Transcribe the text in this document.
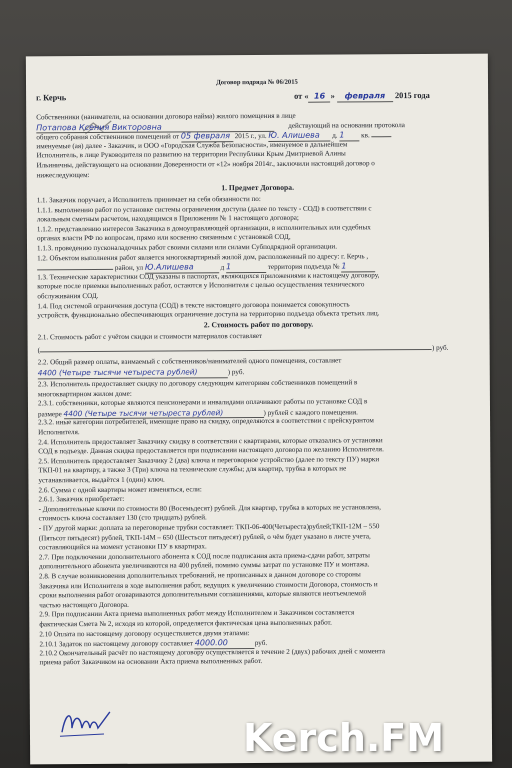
Договор подряда № 06/2015
г. Керчь	от « 16 » февраля 2015 года
Собственники (наниматели, на основании договора найма) жилого помещения в лице
Потапова Ксения Викторовна	действующий на основании протокола
общего собрания собственников помещений от 05 февраля 2015 г., ул. Ю. Алишева д. 1 кв.
именуемые (ая) далее - Заказчик, и ООО «Городская Служба Безопасности», именуемое в дальнейшем
Исполнитель, в лице Руководителя по развитию на территории Республики Крым Дмитриевой Алины
Ильиничны, действующего на основании Доверенности от «12» ноября 2014г., заключили настоящий договор о
нижеследующем:
1. Предмет Договора.
1.1. Заказчик поручает, а Исполнитель принимает на себя обязанности по:
1.1.1. выполнению работ по установке системы ограничения доступа (далее по тексту - СОД) в соответствии с
локальным сметным расчетом, находящимся в Приложении № 1 настоящего договора;
1.1.2. представлению интересов Заказчика в домоуправляющей организации, в исполнительных или судебных
органах власти РФ по вопросам, прямо или косвенно связанным с установкой СОД,
1.1.3. проведению пусконаладочных работ своими силами или силами Субподрядной организации.
1.2. Объектом выполнения работ является многоквартирный жилой дом, расположенный по адресу: г. Керчь ,
район, ул Ю.Алишева	д 1	территория подъезда № 1
1.3. Технические характеристики СОД указаны в паспортах, являющихся приложениями к настоящему договору,
которые после приемки выполненных работ, остаются у Исполнителя с целью осуществления технического
обслуживания СОД.
1.4. Под системой ограничения доступа (СОД) в тексте настоящего договора понимается совокупность
устройств, функционально обеспечивающих ограничение доступа на территорию подъезда объекта третьих лиц.
2. Стоимость работ по договору.
2.1. Стоимость работ с учётом скидки и стоимости материалов составляет
(	) руб.
2.2. Общий размер оплаты, взимаемый с собственников/нанимателей одного помещения, составляет
4400 (Четыре тысячи четыреста рублей)	) руб.
2.3. Исполнитель предоставляет скидку по договору следующим категориям собственников помещений в
многоквартирном жилом доме:
2.3.1. собственники, которые являются пенсионерами и инвалидами оплачивают работы по установке СОД в
размере 4400 (Четыре тысячи четыреста рублей)	) рублей с каждого помещения.
2.3.2. иные категории потребителей, имеющие право на скидку, определяются в соответствии с прейскурантом
Исполнителя.
2.4. Исполнитель предоставляет Заказчику скидку в соответствии с квартирами, которые отказались от установки
СОД в подъезде. Данная скидка предоставляется при подписании настоящего договора по желанию Исполнителя.
2.5. Исполнитель предоставляет Заказчику 2 (два) ключа и переговорное устройство (далее по тексту ПУ) марки
ТКП-01 на квартиру, а также 3 (Три) ключа на технические службы; для квартир, трубка в которых не
устанавливается, выдаётся 1 (один) ключ.
2.6. Сумма с одной квартиры может изменяться, если:
2.6.1. Заказчик приобретает:
- Дополнительные ключи по стоимости 80 (Восемьдесят) рублей. Для квартир, трубка в которых не установлена,
стоимость ключа составляет 130 (сто тридцать) рублей.
- ПУ другой марки: доплата за переговорные трубки составляет: ТКП-06-400(Четыреста)рублей;ТКП-12М – 550
(Пятьсот пятьдесят) рублей, ТКП-14М – 650 (Шестьсот пятьдесят) рублей, о чём будет указано в листе учета,
составляющийся на момент установки ПУ в квартирах.
2.7. При подключении дополнительного абонента к СОД после подписания акта приема-сдачи работ, затраты
дополнительного абонента увеличиваются на 400 рублей, помимо суммы затрат по установке ПУ и монтажа.
2.8. В случае возникновения дополнительных требований, не прописанных в данном договоре со стороны
Заказчика или Исполнителя в ходе выполнения работ, ведущих к увеличению стоимости Договора, стоимость и
сроки выполнения работ оговариваются дополнительными соглашениями, которые являются неотъемлемой
частью настоящего Договора.
2.9. При подписании Акта приема выполненных работ между Исполнителем и Заказчиком составляется
фактическая Смета № 2, исходя из которой, определяется фактическая цена выполненных работ.
2.10 Оплата по настоящему договору осуществляется двумя этапами:
2.10.1 Задаток по настоящему договору составляет 4000.00	руб.
2.10.2 Окончательный расчёт по настоящему договору осуществляется в течение 2 (двух) рабочих дней с момента
приема работ Заказчиком на основании Акта приема выполненных работ.
Kerch.FM
